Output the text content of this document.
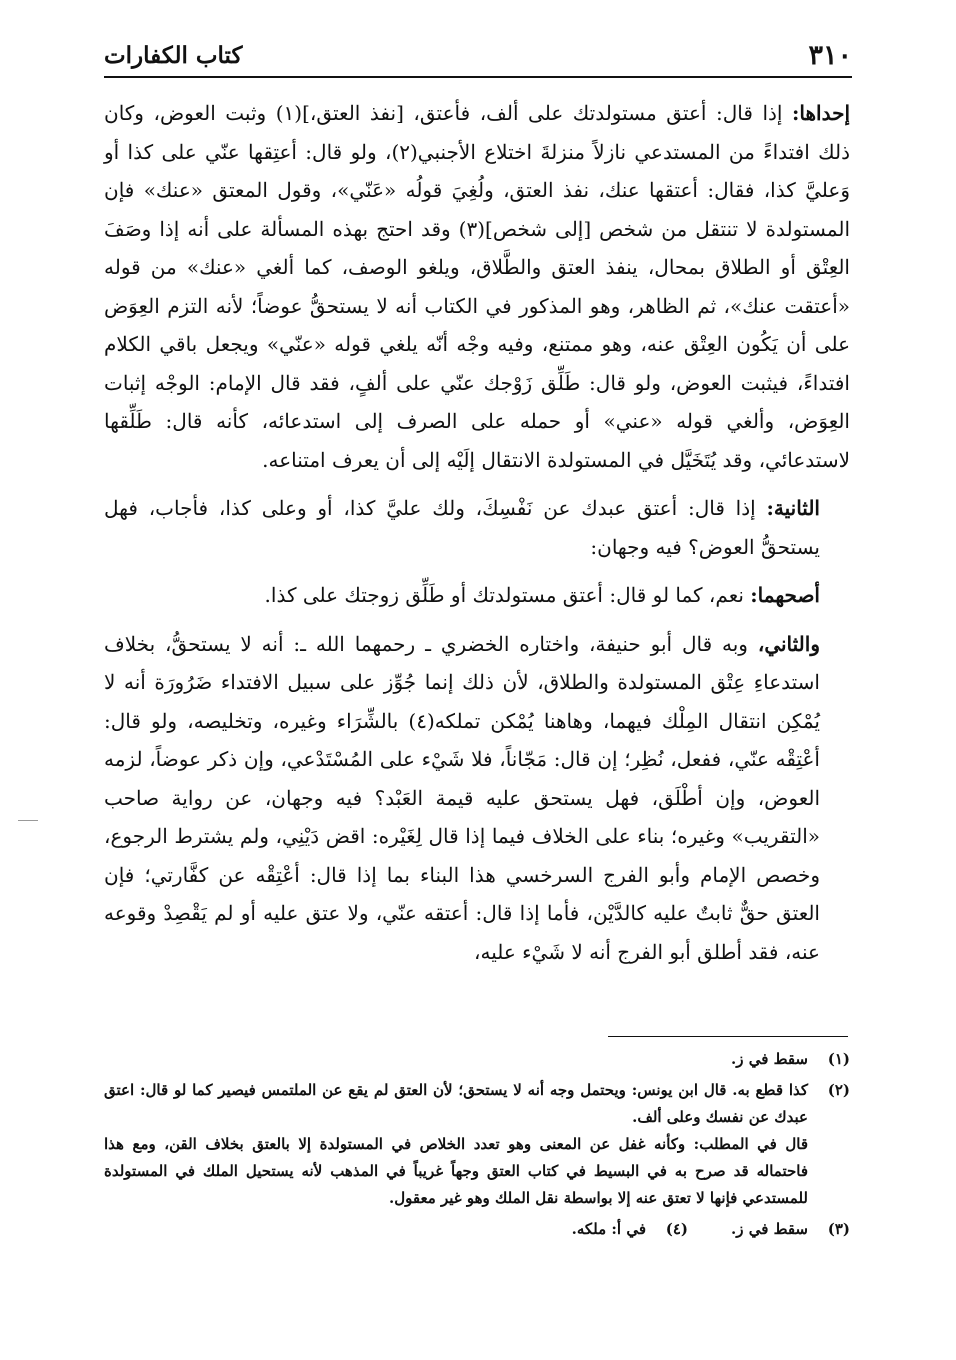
٣١٠
كتاب الكفارات

إحداها: إذا قال: أعتق مستولدتك على ألف، فأعتق، [نفذ العتق،](١) وثبت العوض، وكان ذلك افتداءً من المستدعي نازلاً منزلةَ اختلاع الأجنبي(٢)، ولو قال: أعتِقها عنّي على كذا أو وَعليَّ كذا، فقال: أعتقها عنك، نفذ العتق، ولُغِيَ قولُه «عَنّي»، وقول المعتق «عنك» فإن المستولدة لا تنتقل من شخص [إلى شخص](٣) وقد احتج بهذه المسألة على أنه إذا وصَفَ العِتْق أو الطلاق بمحال، ينفذ العتق والطَّلاق، ويلغو الوصف، كما ألغي «عنك» من قوله «أعتقت عنك»، ثم الظاهر، وهو المذكور في الكتاب أنه لا يستحقُّ عوضاً؛ لأنه التزم العِوَض على أن يَكُون العِتْق عنه، وهو ممتنع، وفيه وجْه أنّه يلغي قوله «عنّي» ويجعل باقي الكلام افتداءً، فيثبت العوض، ولو قال: طَلِّق زَوْجك عنّي على ألفٍ، فقد قال الإمام: الوجْه إثبات العِوَض، وألغي قوله «عني» أو حمله على الصرف إلى استدعائه، كأنه قال: طَلِّقها لاستدعائي، وقد يُتَخَيَّل في المستولدة الانتقال إلَيْه إلى أن يعرف امتناعه.

الثانية: إذا قال: أعتق عبدك عن نَفْسِكَ، ولك عليَّ كذا، أو وعلى كذا، فأجاب، فهل يستحقُّ العوض؟ فيه وجهان:

أصحهما: نعم، كما لو قال: أعتق مستولدتك أو طَلِّق زوجتك على كذا.

والثاني، وبه قال أبو حنيفة، واختاره الخضري ـ رحمهما الله ـ: أنه لا يستحقُّ، بخلاف استدعاءِ عِتْق المستولدة والطلاق، لأن ذلك إنما جُوِّز على سبيل الافتداء ضَرُورَة أنه لا يُمْكِن انتقال المِلْك فيهما، وهاهنا يُمْكن تملكه(٤) بالشِّرَاء وغيره، وتخليصه، ولو قال: أعْتِقْه عنّي، ففعل، نُظِر؛ إن قال: مَجّاناً، فلا شَيْء على المُسْتَدْعي، وإن ذكر عوضاً، لزمه العوض، وإن أطْلَق، فهل يستحق عليه قيمة العَبْد؟ فيه وجهان، عن رواية صاحب «التقريب» وغيره؛ بناء على الخلاف فيما إذا قال لِغَيْره: اقض دَيْنِي، ولم يشترط الرجوع، وخصص الإمام وأبو الفرج السرخسي هذا البناء بما إذا قال: أعْتِقْه عن كفَّارتي؛ فإن العتق حقٌّ ثابتٌ عليه كالدَّيْن، فأما إذا قال: أعتقه عنّي، ولا عتق عليه أو لم يَقْصِدْ وقوعه عنه، فقد أطلق أبو الفرج أنه لا شَيْء عليه،

(١)
سقط في ز.
(٢)
كذا قطع به. قال ابن يونس: ويحتمل وجه أنه لا يستحق؛ لأن العتق لم يقع عن الملتمس فيصير كما لو قال: اعتق عبدك عن نفسك وعلى ألف.
قال في المطلب: وكأنه غفل عن المعنى وهو تعدد الخلاص في المستولدة إلا بالعتق بخلاف القن، ومع هذا فاحتماله قد صرح به في البسيط في كتاب العتق وجهاً غريباً في المذهب لأنه يستحيل الملك في المستولدة للمستدعي فإنها لا تعتق عنه إلا بواسطة نقل الملك وهو غير معقول.
(٣)
سقط في ز.
(٤)
في أ: ملكه.
